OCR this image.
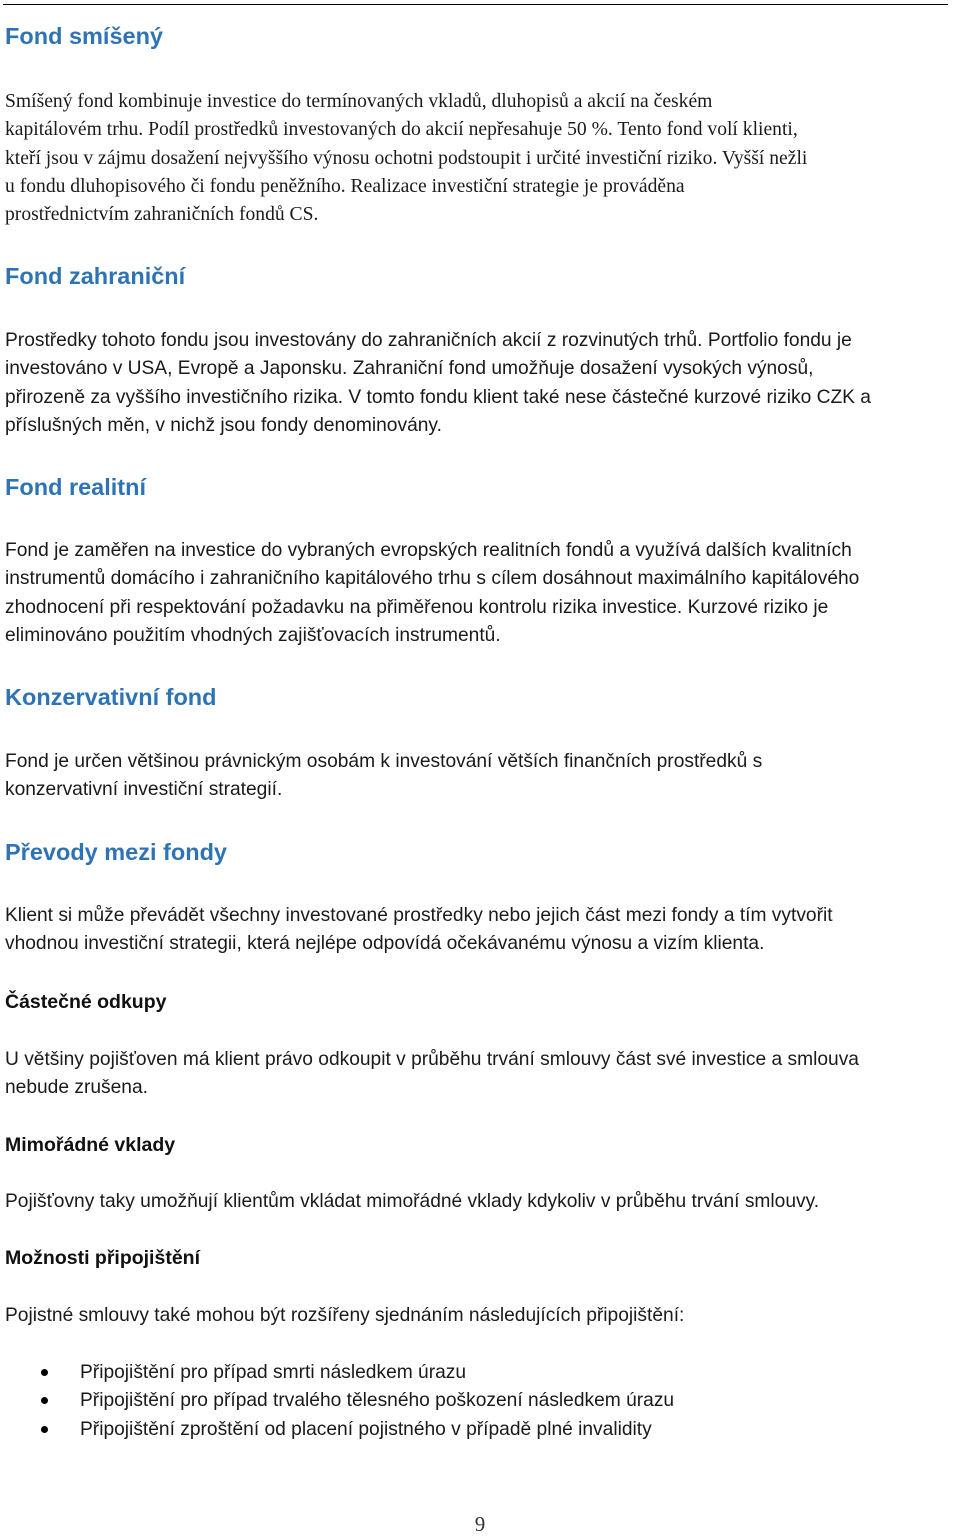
Fond smíšený

Smíšený fond kombinuje investice do termínovaných vkladů, dluhopisů a akcií na českém
kapitálovém trhu. Podíl prostředků investovaných do akcií nepřesahuje 50 %. Tento fond volí klienti,
kteří jsou v zájmu dosažení nejvyššího výnosu ochotni podstoupit i určité investiční riziko. Vyšší nežli
u fondu dluhopisového či fondu peněžního. Realizace investiční strategie je prováděna
prostřednictvím zahraničních fondů CS.

Fond zahraniční

Prostředky tohoto fondu jsou investovány do zahraničních akcií z rozvinutých trhů. Portfolio fondu je
investováno v USA, Evropě a Japonsku. Zahraniční fond umožňuje dosažení vysokých výnosů,
přirozeně za vyššího investičního rizika. V tomto fondu klient také nese částečné kurzové riziko CZK a
příslušných měn, v nichž jsou fondy denominovány.

Fond realitní

Fond je zaměřen na investice do vybraných evropských realitních fondů a využívá dalších kvalitních
instrumentů domácího i zahraničního kapitálového trhu s cílem dosáhnout maximálního kapitálového
zhodnocení při respektování požadavku na přiměřenou kontrolu rizika investice. Kurzové riziko je
eliminováno použitím vhodných zajišťovacích instrumentů.

Konzervativní fond

Fond je určen většinou právnickým osobám k investování větších finančních prostředků s
konzervativní investiční strategií.

Převody mezi fondy

Klient si může převádět všechny investované prostředky nebo jejich část mezi fondy a tím vytvořit
vhodnou investiční strategii, která nejlépe odpovídá očekávanému výnosu a vizím klienta.

Částečné odkupy

U většiny pojišťoven má klient právo odkoupit v průběhu trvání smlouvy část své investice a smlouva
nebude zrušena.

Mimořádné vklady

Pojišťovny taky umožňují klientům vkládat mimořádné vklady kdykoliv v průběhu trvání smlouvy.

Možnosti připojištění

Pojistné smlouvy také mohou být rozšířeny sjednáním následujících připojištění:

Připojištění pro případ smrti následkem úrazu
Připojištění pro případ trvalého tělesného poškození následkem úrazu
Připojištění zproštění od placení pojistného v případě plné invalidity
9
